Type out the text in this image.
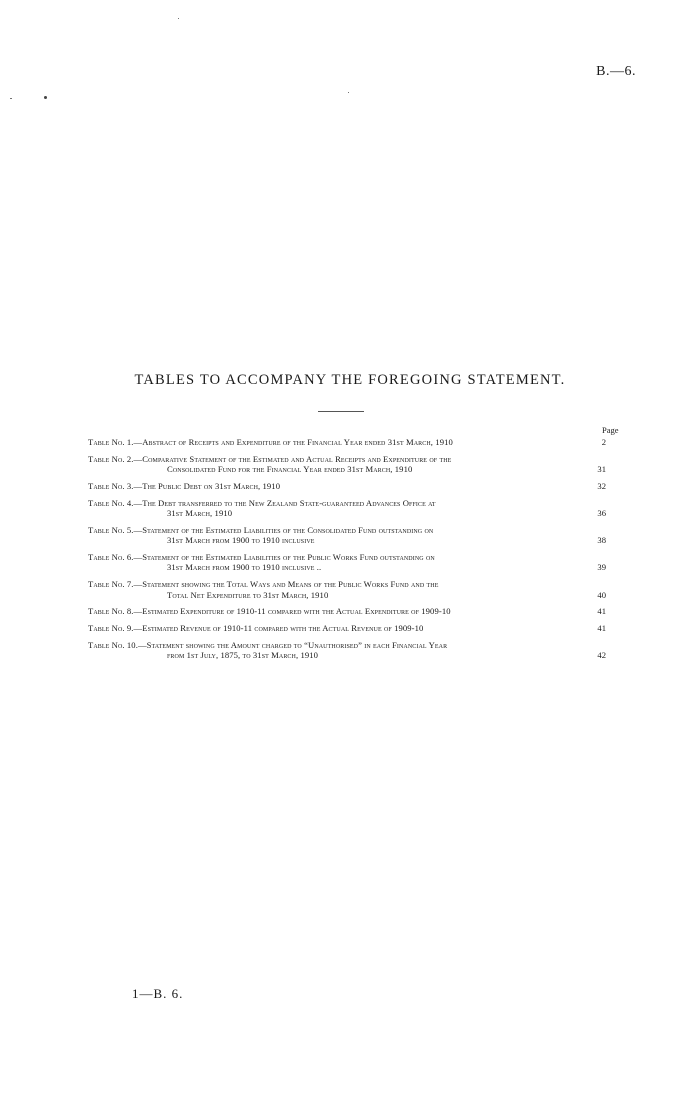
B.—6.
TABLES TO ACCOMPANY THE FOREGOING STATEMENT.
Page
Table No. 1.—Abstract of Receipts and Expenditure of the Financial Year ended 31st March, 1910	2
Table No. 2.—Comparative Statement of the Estimated and Actual Receipts and Expenditure of the
Consolidated Fund for the Financial Year ended 31st March, 1910	31
Table No. 3.—The Public Debt on 31st March, 1910	32
Table No. 4.—The Debt transferred to the New Zealand State-guaranteed Advances Office at
31st March, 1910	36
Table No. 5.—Statement of the Estimated Liabilities of the Consolidated Fund outstanding on
31st March from 1900 to 1910 inclusive	38
Table No. 6.—Statement of the Estimated Liabilities of the Public Works Fund outstanding on
31st March from 1900 to 1910 inclusive ..	39
Table No. 7.—Statement showing the Total Ways and Means of the Public Works Fund and the
Total Net Expenditure to 31st March, 1910	40
Table No. 8.—Estimated Expenditure of 1910-11 compared with the Actual Expenditure of 1909-10	41
Table No. 9.—Estimated Revenue of 1910-11 compared with the Actual Revenue of 1909-10	41
Table No. 10.—Statement showing the Amount charged to “Unauthorised” in each Financial Year
from 1st July, 1875, to 31st March, 1910	42
1—B. 6.
